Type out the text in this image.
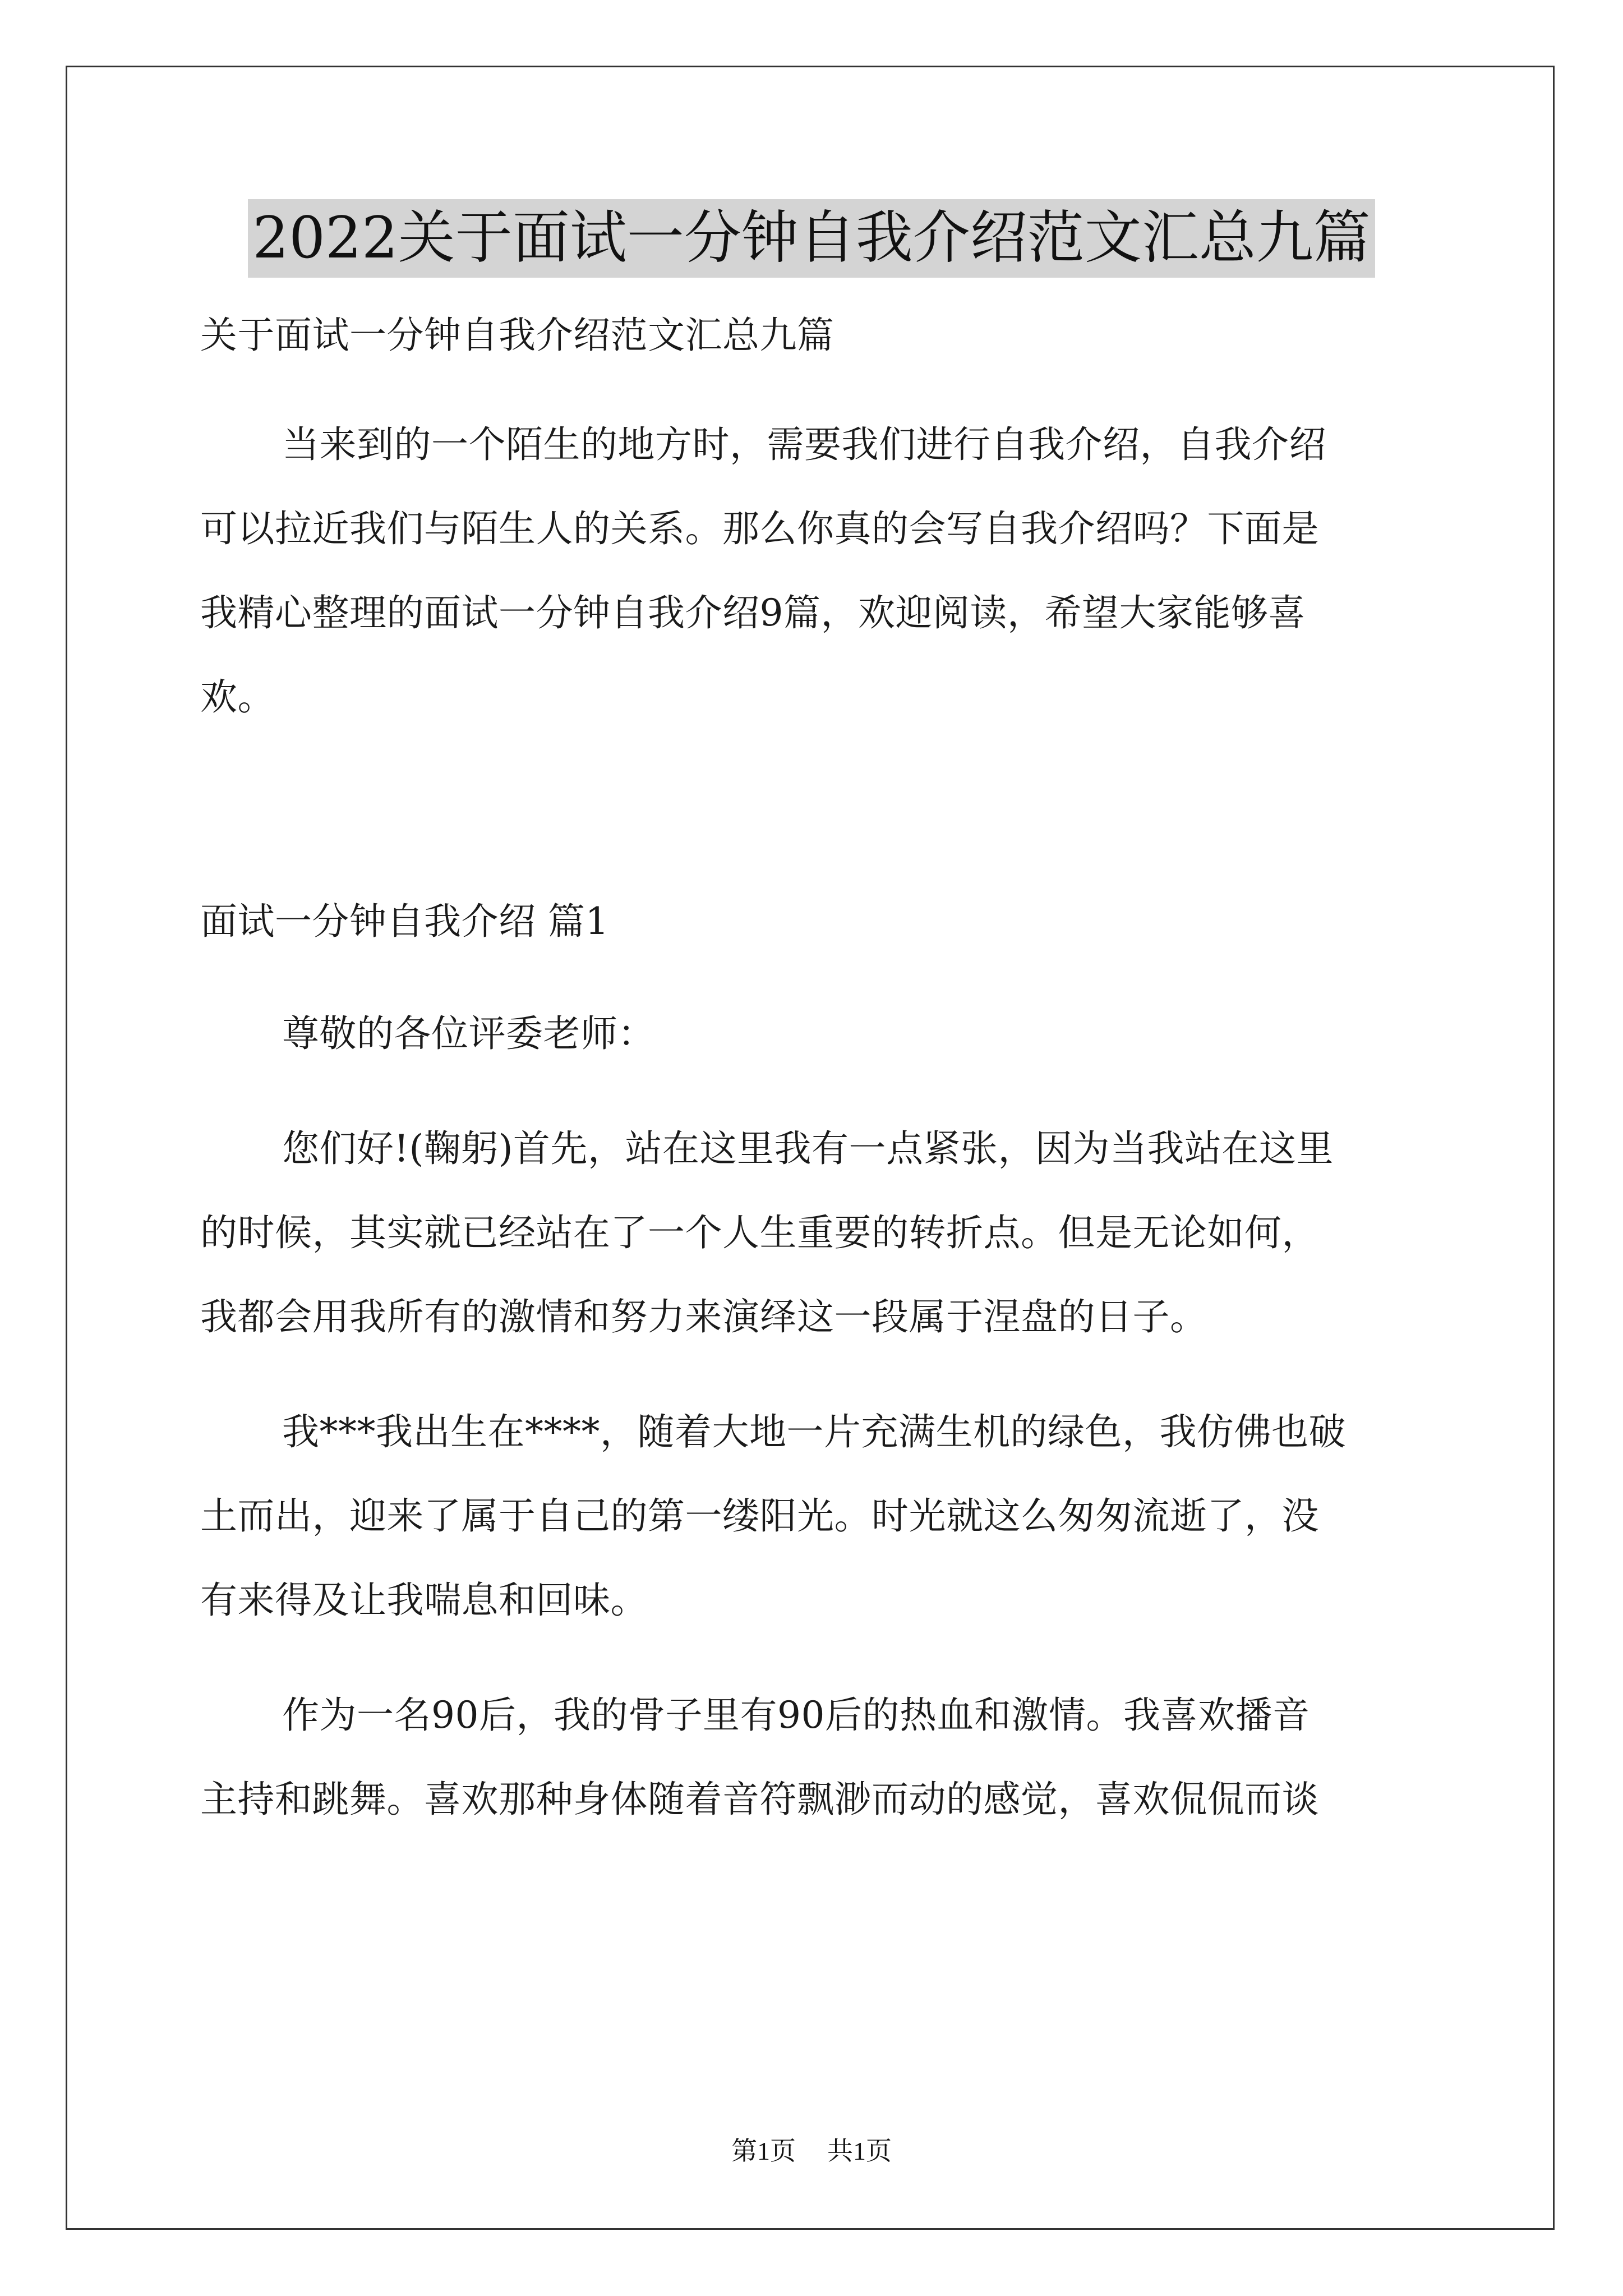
2022关于面试一分钟自我介绍范文汇总九篇
关于面试一分钟自我介绍范文汇总九篇
当来到的一个陌生的地方时，需要我们进行自我介绍，自我介绍
可以拉近我们与陌生人的关系。那么你真的会写自我介绍吗？下面是
我精心整理的面试一分钟自我介绍9篇，欢迎阅读，希望大家能够喜
欢。

面试一分钟自我介绍 篇1
尊敬的各位评委老师：
您们好!(鞠躬)首先，站在这里我有一点紧张，因为当我站在这里
的时候，其实就已经站在了一个人生重要的转折点。但是无论如何，
我都会用我所有的激情和努力来演绎这一段属于涅盘的日子。
我***我出生在****，随着大地一片充满生机的绿色，我仿佛也破
土而出，迎来了属于自己的第一缕阳光。时光就这么匆匆流逝了，没
有来得及让我喘息和回味。
作为一名90后，我的骨子里有90后的热血和激情。我喜欢播音
主持和跳舞。喜欢那种身体随着音符飘渺而动的感觉，喜欢侃侃而谈
第1页 共1页
